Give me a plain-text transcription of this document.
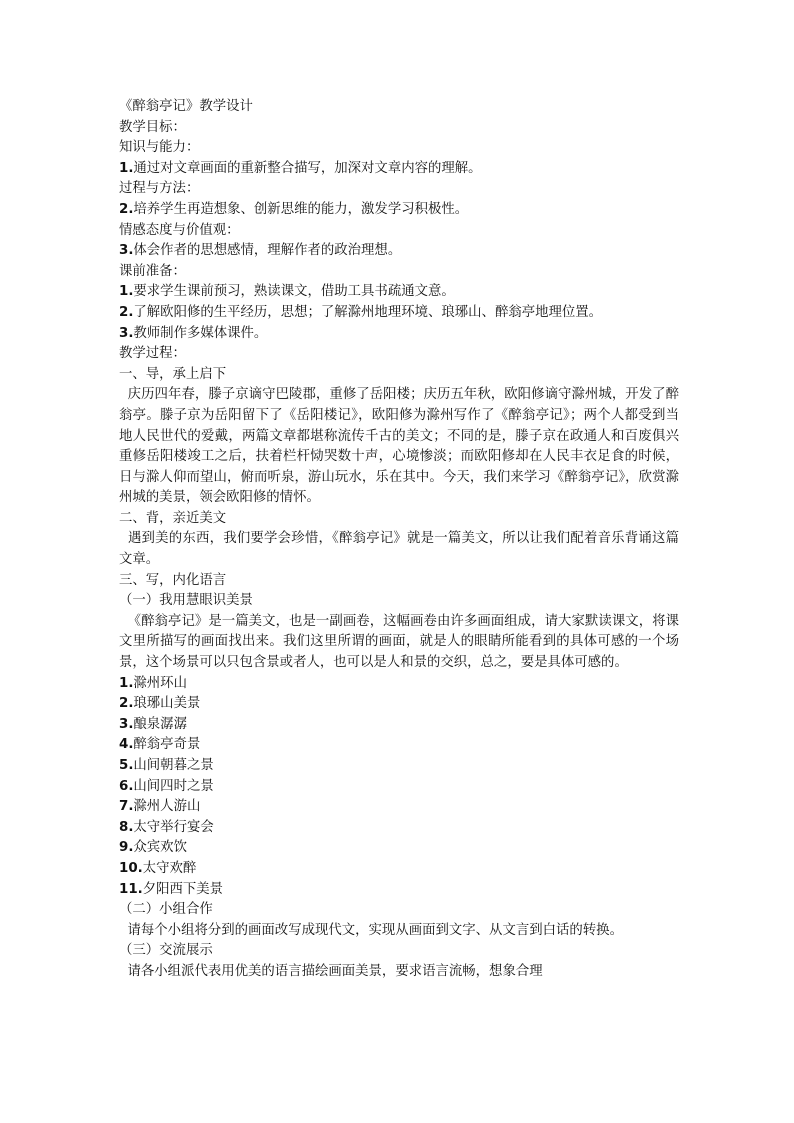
《醉翁亭记》教学设计
教学目标：
知识与能力：
1.通过对文章画面的重新整合描写，加深对文章内容的理解。
过程与方法：
2.培养学生再造想象、创新思维的能力，激发学习积极性。
情感态度与价值观：
3.体会作者的思想感情，理解作者的政治理想。
课前准备：
1.要求学生课前预习，熟读课文，借助工具书疏通文意。
2.了解欧阳修的生平经历，思想；了解滁州地理环境、琅琊山、醉翁亭地理位置。
3.教师制作多媒体课件。
教学过程：
一、导，承上启下
庆历四年春，滕子京谪守巴陵郡，重修了岳阳楼；庆历五年秋，欧阳修谪守滁州城，开发了醉翁亭。滕子京为岳阳留下了《岳阳楼记》，欧阳修为滁州写作了《醉翁亭记》；两个人都受到当地人民世代的爱戴，两篇文章都堪称流传千古的美文；不同的是，滕子京在政通人和百废俱兴重修岳阳楼竣工之后，扶着栏杆恸哭数十声，心境惨淡；而欧阳修却在人民丰衣足食的时候，日与滁人仰而望山，俯而听泉，游山玩水，乐在其中。今天，我们来学习《醉翁亭记》，欣赏滁州城的美景，领会欧阳修的情怀。
二、背，亲近美文
遇到美的东西，我们要学会珍惜，《醉翁亭记》就是一篇美文，所以让我们配着音乐背诵这篇文章。
三、写，内化语言
（一）我用慧眼识美景
《醉翁亭记》是一篇美文，也是一副画卷，这幅画卷由许多画面组成，请大家默读课文，将课文里所描写的画面找出来。我们这里所谓的画面，就是人的眼睛所能看到的具体可感的一个场景，这个场景可以只包含景或者人，也可以是人和景的交织，总之，要是具体可感的。
1.滁州环山
2.琅琊山美景
3.酿泉潺潺
4.醉翁亭奇景
5.山间朝暮之景
6.山间四时之景
7.滁州人游山
8.太守举行宴会
9.众宾欢饮
10.太守欢醉
11.夕阳西下美景
（二）小组合作
请每个小组将分到的画面改写成现代文，实现从画面到文字、从文言到白话的转换。
（三）交流展示
请各小组派代表用优美的语言描绘画面美景，要求语言流畅，想象合理
